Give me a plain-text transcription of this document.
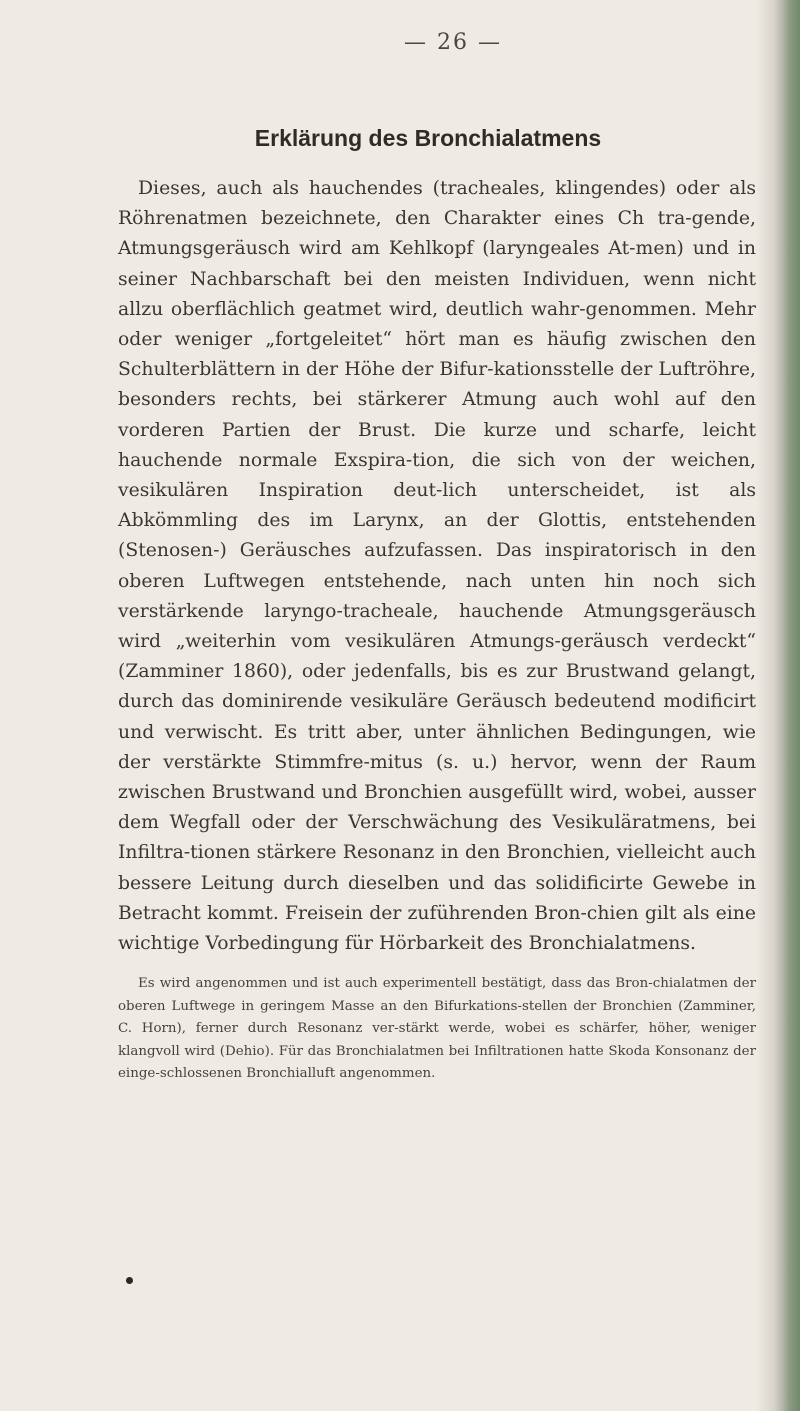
— 26 —
Erklärung des Bronchialatmens

Dieses, auch als hauchendes (tracheales, klingendes) oder als Röhrenatmen bezeichnete, den Charakter eines Ch tra-gende, Atmungsgeräusch wird am Kehlkopf (laryngeales At-men) und in seiner Nachbarschaft bei den meisten Individuen, wenn nicht allzu oberflächlich geatmet wird, deutlich wahr-genommen. Mehr oder weniger „fortgeleitet“ hört man es häufig zwischen den Schulterblättern in der Höhe der Bifur-kationsstelle der Luftröhre, besonders rechts, bei stärkerer Atmung auch wohl auf den vorderen Partien der Brust. Die kurze und scharfe, leicht hauchende normale Exspira-tion, die sich von der weichen, vesikulären Inspiration deut-lich unterscheidet, ist als Abkömmling des im Larynx, an der Glottis, entstehenden (Stenosen-) Geräusches aufzufassen. Das inspiratorisch in den oberen Luftwegen entstehende, nach unten hin noch sich verstärkende laryngo-tracheale, hauchende Atmungsgeräusch wird „weiterhin vom vesikulären Atmungs-geräusch verdeckt“ (Zamminer 1860), oder jedenfalls, bis es zur Brustwand gelangt, durch das dominirende vesikuläre Geräusch bedeutend modificirt und verwischt. Es tritt aber, unter ähnlichen Bedingungen, wie der verstärkte Stimmfre-mitus (s. u.) hervor, wenn der Raum zwischen Brustwand und Bronchien ausgefüllt wird, wobei, ausser dem Wegfall oder der Verschwächung des Vesikuläratmens, bei Infiltra-tionen stärkere Resonanz in den Bronchien, vielleicht auch bessere Leitung durch dieselben und das solidificirte Gewebe in Betracht kommt. Freisein der zuführenden Bron-chien gilt als eine wichtige Vorbedingung für Hörbarkeit des Bronchialatmens.

Es wird angenommen und ist auch experimentell bestätigt, dass das Bron-chialatmen der oberen Luftwege in geringem Masse an den Bifurkations-stellen der Bronchien (Zamminer, C. Horn), ferner durch Resonanz ver-stärkt werde, wobei es schärfer, höher, weniger klangvoll wird (Dehio). Für das Bronchialatmen bei Infiltrationen hatte Skoda Konsonanz der einge-schlossenen Bronchialluft angenommen.
